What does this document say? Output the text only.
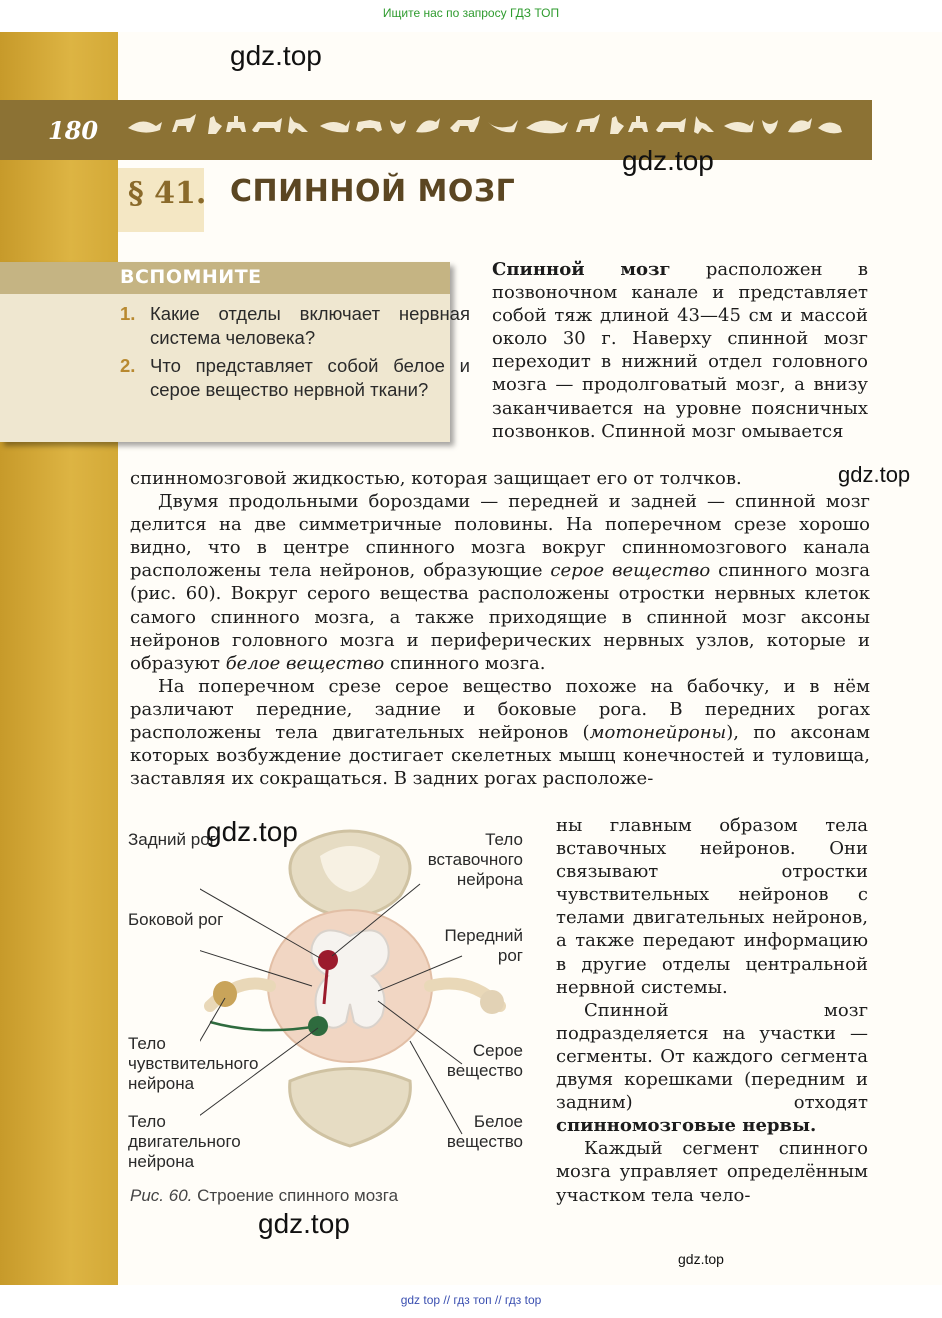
Ищите нас по запросу ГДЗ ТОП
180
§ 41. СПИННОЙ МОЗГ
ВСПОМНИТЕ
1. Какие отделы включает нервная система человека?
2. Что представляет собой белое и серое вещество нервной ткани?

Спинной мозг расположен в позвоночном канале и представляет собой тяж длиной 43—45 см и массой около 30 г. Наверху спинной мозг переходит в нижний отдел головного мозга — продолговатый мозг, а внизу заканчивается на уровне поясничных позвонков. Спинной мозг омывается

спинномозговой жидкостью, которая защищает его от толчков.

Двумя продольными бороздами — передней и задней — спинной мозг делится на две симметричные половины. На поперечном срезе хорошо видно, что в центре спинного мозга вокруг спинномозгового канала расположены тела нейронов, образующие серое вещество спинного мозга (рис. 60). Вокруг серого вещества расположены отростки нервных клеток самого спинного мозга, а также приходящие в спинной мозг аксоны нейронов головного мозга и периферических нервных узлов, которые и образуют белое вещество спинного мозга.

На поперечном срезе серое вещество похоже на бабочку, и в нём различают передние, задние и боковые рога. В передних рогах расположены тела двигательных нейронов (мотонейроны), по аксонам которых возбуждение достигает скелетных мышц конечностей и туловища, заставляя их сокращаться. В задних рогах расположе-

ны главным образом тела вставочных нейронов. Они связывают отростки чувствительных нейронов с телами двигательных нейронов, а также передают информацию в другие отделы центральной нервной системы.

Спинной мозг подразделяется на участки — сегменты. От каждого сегмента двумя корешками (передним и задним) отходят спинномозговые нервы.

Каждый сегмент спинного мозга управляет определённым участком тела чело-

Задний рог
Боковой рог
Тело чувствительного нейрона
Тело двигательного нейрона
Тело вставочного нейрона
Передний рог
Серое вещество
Белое вещество
Рис. 60. Строение спинного мозга
gdz.top
gdz.top
gdz.top
gdz.top
gdz.top
gdz.top
gdz top // гдз топ // гдз top
